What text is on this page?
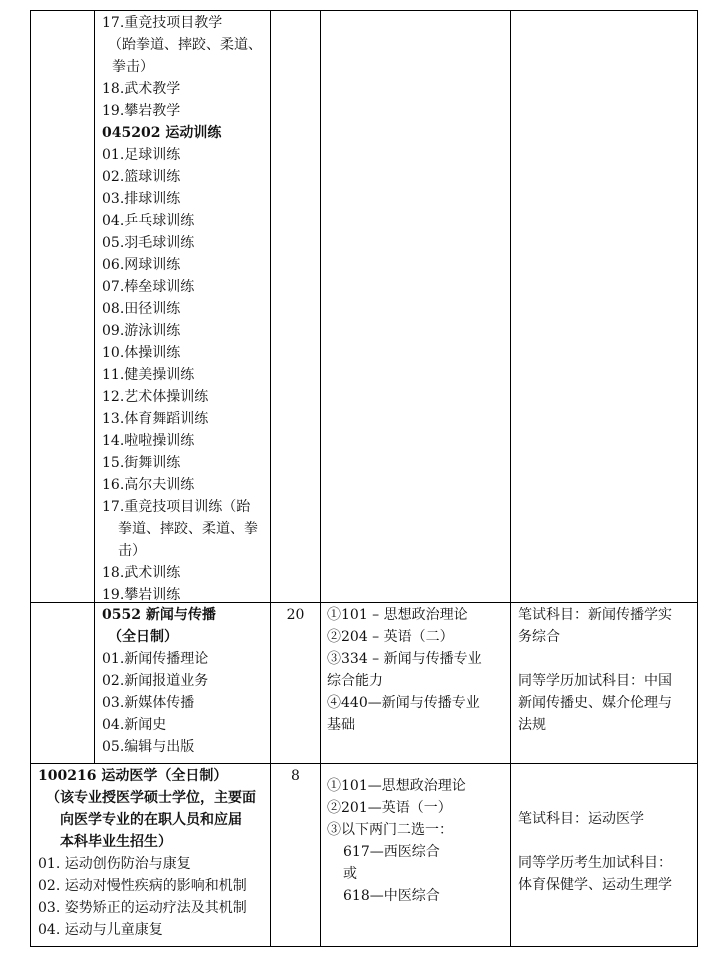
17.重竞技项目教学
（跆拳道、摔跤、柔道、
拳击）
18.武术教学
19.攀岩教学
045202 运动训练
01.足球训练
02.篮球训练
03.排球训练
04.乒乓球训练
05.羽毛球训练
06.网球训练
07.棒垒球训练
08.田径训练
09.游泳训练
10.体操训练
11.健美操训练
12.艺术体操训练
13.体育舞蹈训练
14.啦啦操训练
15.街舞训练
16.高尔夫训练
17.重竞技项目训练（跆
拳道、摔跤、柔道、拳
击）
18.武术训练
19.攀岩训练
0552 新闻与传播
（全日制）
01.新闻传播理论
02.新闻报道业务
03.新媒体传播
04.新闻史
05.编辑与出版
20	①101 – 思想政治理论
②204 – 英语（二）
③334 – 新闻与传播专业
综合能力
④440—新闻与传播专业
基础
笔试科目：新闻传播学实
务综合
同等学历加试科目：中国
新闻传播史、媒介伦理与
法规
100216 运动医学（全日制）
（该专业授医学硕士学位，主要面
向医学专业的在职人员和应届
本科毕业生招生）
01. 运动创伤防治与康复
02. 运动对慢性疾病的影响和机制
03. 姿势矫正的运动疗法及其机制
04. 运动与儿童康复
8
①101—思想政治理论
②201—英语（一）
③以下两门二选一：
617—西医综合
或
618—中医综合
笔试科目：运动医学
同等学历考生加试科目：
体育保健学、运动生理学
